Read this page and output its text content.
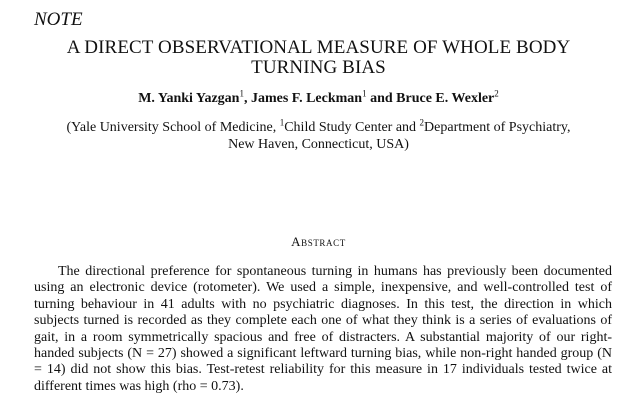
NOTE
A DIRECT OBSERVATIONAL MEASURE OF WHOLE BODY
TURNING BIAS

M. Yanki Yazgan$^1$, James F. Leckman$^1$ and Bruce E. Wexler$^2$

(Yale University School of Medicine, $^1$Child Study Center and $^2$Department of Psychiatry,

New Haven, Connecticut, USA)

Abstract

The directional preference for spontaneous turning in humans has previously been documented using an electronic device (rotometer). We used a simple, inexpensive, and well-controlled test of turning behaviour in 41 adults with no psychiatric diagnoses. In this test, the direction in which subjects turned is recorded as they complete each one of what they think is a series of evaluations of gait, in a room symmetrically spacious and free of distracters. A substantial majority of our right-handed subjects (N = 27) showed a significant leftward turning bias, while non-right handed group (N = 14) did not show this bias. Test-retest reliability for this measure in 17 individuals tested twice at different times was high (rho = 0.73).
